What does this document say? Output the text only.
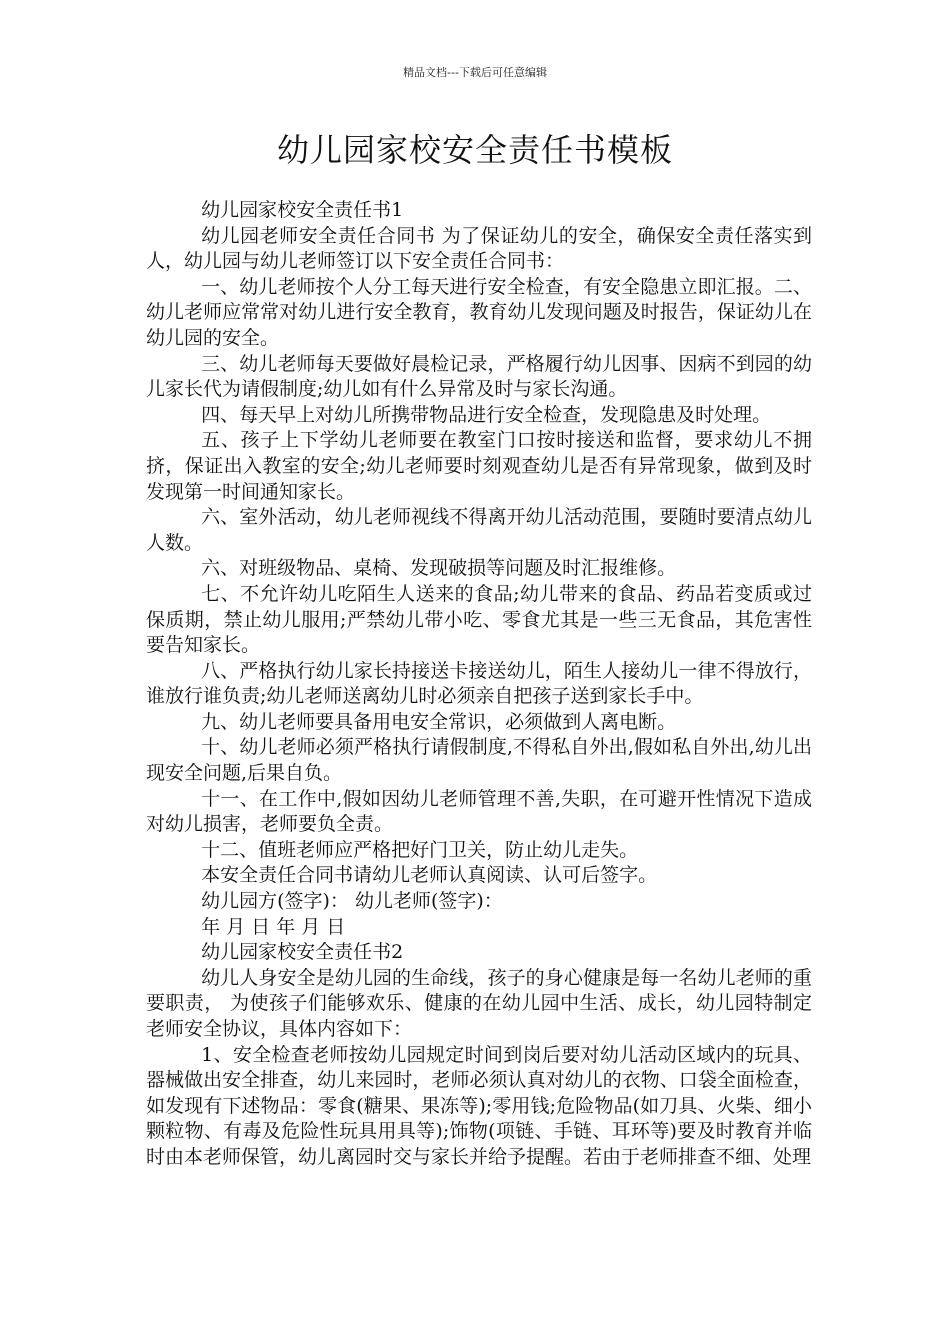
精品文档---下载后可任意编辑
幼儿园家校安全责任书模板

幼儿园家校安全责任书1

幼儿园老师安全责任合同书 为了保证幼儿的安全，确保安全责任落实到人，幼儿园与幼儿老师签订以下安全责任合同书：

一、幼儿老师按个人分工每天进行安全检查，有安全隐患立即汇报。二、幼儿老师应常常对幼儿进行安全教育，教育幼儿发现问题及时报告，保证幼儿在幼儿园的安全。

三、幼儿老师每天要做好晨检记录，严格履行幼儿因事、因病不到园的幼儿家长代为请假制度;幼儿如有什么异常及时与家长沟通。

四、每天早上对幼儿所携带物品进行安全检查，发现隐患及时处理。

五、孩子上下学幼儿老师要在教室门口按时接送和监督，要求幼儿不拥挤，保证出入教室的安全;幼儿老师要时刻观查幼儿是否有异常现象，做到及时发现第一时间通知家长。

六、室外活动，幼儿老师视线不得离开幼儿活动范围，要随时要清点幼儿人数。

六、对班级物品、桌椅、发现破损等问题及时汇报维修。

七、不允许幼儿吃陌生人送来的食品;幼儿带来的食品、药品若变质或过保质期，禁止幼儿服用;严禁幼儿带小吃、零食尤其是一些三无食品，其危害性要告知家长。

八、严格执行幼儿家长持接送卡接送幼儿，陌生人接幼儿一律不得放行，谁放行谁负责;幼儿老师送离幼儿时必须亲自把孩子送到家长手中。

九、幼儿老师要具备用电安全常识，必须做到人离电断。

十、幼儿老师必须严格执行请假制度,不得私自外出,假如私自外出,幼儿出现安全问题,后果自负。

十一、在工作中,假如因幼儿老师管理不善,失职，在可避开性情况下造成对幼儿损害，老师要负全责。

十二、值班老师应严格把好门卫关，防止幼儿走失。

本安全责任合同书请幼儿老师认真阅读、认可后签字。

幼儿园方(签字)： 幼儿老师(签字)：

年 月 日 年 月 日

幼儿园家校安全责任书2

幼儿人身安全是幼儿园的生命线，孩子的身心健康是每一名幼儿老师的重要职责， 为使孩子们能够欢乐、健康的在幼儿园中生活、成长，幼儿园特制定老师安全协议，具体内容如下：

1、安全检查老师按幼儿园规定时间到岗后要对幼儿活动区域内的玩具、器械做出安全排查，幼儿来园时，老师必须认真对幼儿的衣物、口袋全面检查，如发现有下述物品：零食(糖果、果冻等);零用钱;危险物品(如刀具、火柴、细小颗粒物、有毒及危险性玩具用具等);饰物(项链、手链、耳环等)要及时教育并临时由本老师保管，幼儿离园时交与家长并给予提醒。若由于老师排查不细、处理
